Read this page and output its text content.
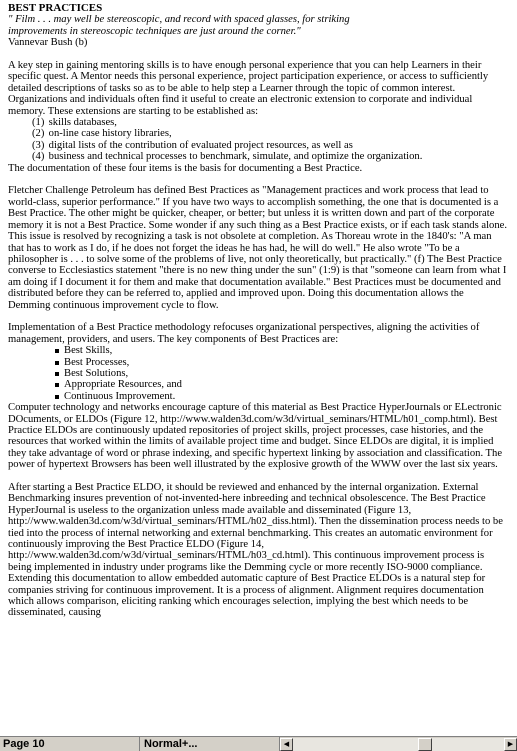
BEST PRACTICES

" Film . . . may well be stereoscopic, and record with spaced glasses, for striking

improvements in stereoscopic techniques are just around the corner."

Vannevar Bush (b)

A key step in gaining mentoring skills is to have enough personal experience that you can help Learners in their specific quest. A Mentor needs this personal experience, project participation experience, or access to sufficiently detailed descriptions of tasks so as to be able to help step a Learner through the topic of common interest. Organizations and individuals often find it useful to create an electronic extension to corporate and individual memory. These extensions are starting to be established as:

(1) skills databases,
(2) on-line case history libraries,
(3) digital lists of the contribution of evaluated project resources, as well as
(4) business and technical processes to benchmark, simulate, and optimize the organization.

The documentation of these four items is the basis for documenting a Best Practice.

Fletcher Challenge Petroleum has defined Best Practices as "Management practices and work process that lead to world-class, superior performance." If you have two ways to accomplish something, the one that is documented is a Best Practice. The other might be quicker, cheaper, or better; but unless it is written down and part of the corporate memory it is not a Best Practice. Some wonder if any such thing as a Best Practice exists, or if each task stands alone. This issue is resolved by recognizing a task is not obsolete at completion. As Thoreau wrote in the 1840's: "A man that has to work as I do, if he does not forget the ideas he has had, he will do well." He also wrote "To be a philosopher is . . . to solve some of the problems of live, not only theoretically, but practically." (f) The Best Practice converse to Ecclesiastics statement "there is no new thing under the sun" (1:9) is that "someone can learn from what I am doing if I document it for them and make that documentation available." Best Practices must be documented and distributed before they can be referred to, applied and improved upon. Doing this documentation allows the Demming continuous improvement cycle to flow.

Implementation of a Best Practice methodology refocuses organizational perspectives, aligning the activities of management, providers, and users. The key components of Best Practices are:

Best Skills,
Best Processes,
Best Solutions,
Appropriate Resources, and
Continuous Improvement.

Computer technology and networks encourage capture of this material as Best Practice HyperJournals or ELectronic DOcuments, or ELDOs (Figure 12, http://www.walden3d.com/w3d/virtual_seminars/HTML/h01_comp.html). Best Practice ELDOs are continuously updated repositories of project skills, project processes, case histories, and the resources that worked within the limits of available project time and budget. Since ELDOs are digital, it is implied they take advantage of word or phrase indexing, and specific hypertext linking by association and classification. The power of hypertext Browsers has been well illustrated by the explosive growth of the WWW over the last six years.

After starting a Best Practice ELDO, it should be reviewed and enhanced by the internal organization. External Benchmarking insures prevention of not-invented-here inbreeding and technical obsolescence. The Best Practice HyperJournal is useless to the organization unless made available and disseminated (Figure 13, http://www.walden3d.com/w3d/virtual_seminars/HTML/h02_diss.html). Then the dissemination process needs to be tied into the process of internal networking and external benchmarking. This creates an automatic environment for continuously improving the Best Practice ELDO (Figure 14, http://www.walden3d.com/w3d/virtual_seminars/HTML/h03_cd.html). This continuous improvement process is being implemented in industry under programs like the Demming cycle or more recently ISO-9000 compliance. Extending this documentation to allow embedded automatic capture of Best Practice ELDOs is a natural step for companies striving for continuous improvement. It is a process of alignment. Alignment requires documentation which allows comparison, eliciting ranking which encourages selection, implying the best which needs to be disseminated, causing

Page 10	Normal+...	◀	▶
